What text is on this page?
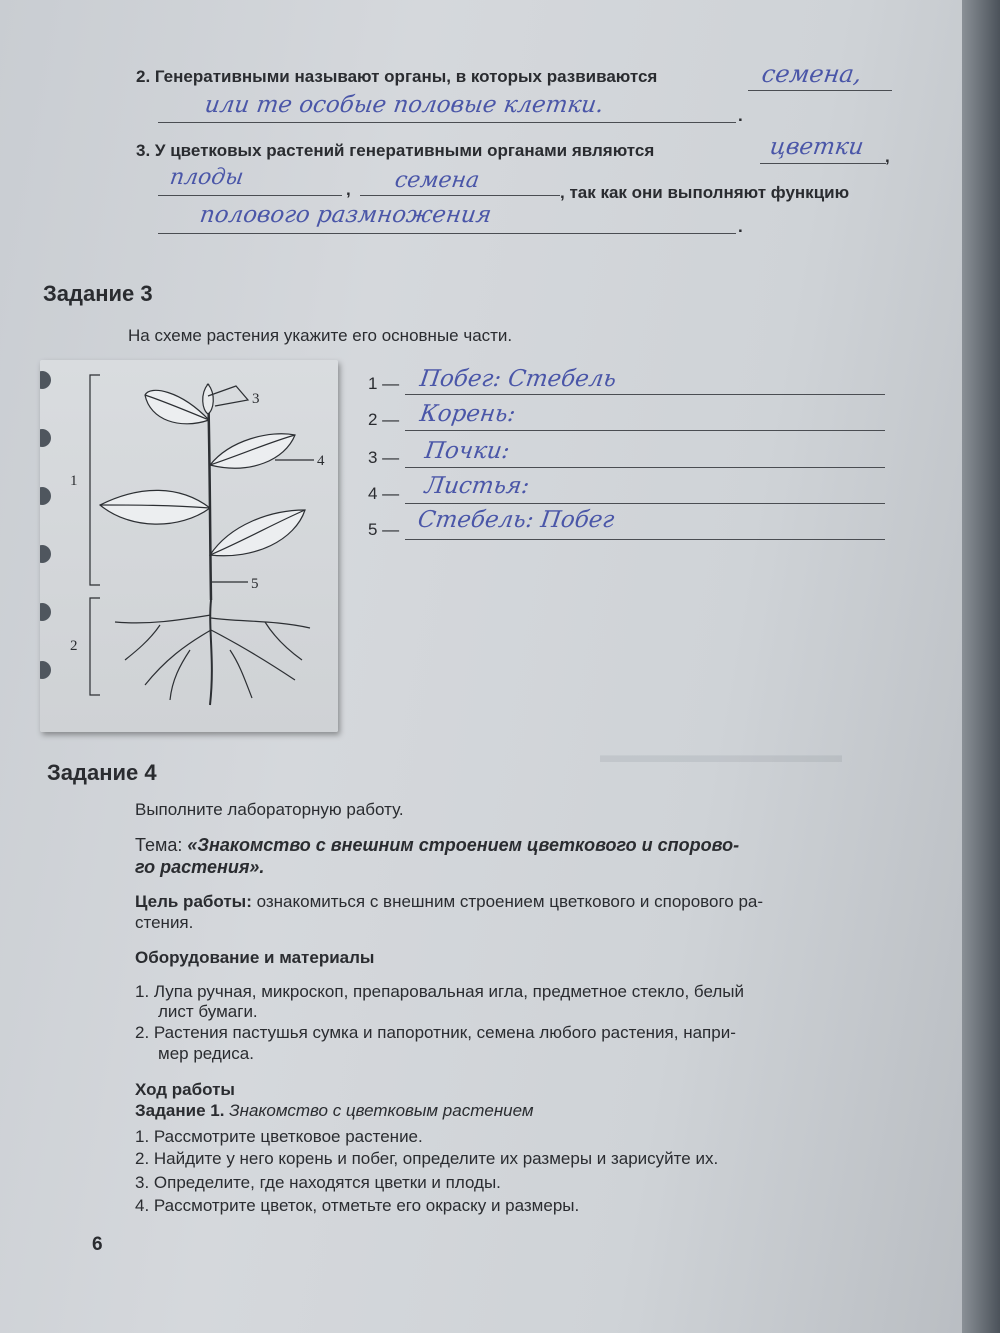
▬▬▬▬▬▬▬▬▬▬▬
2. Генеративными называют органы, в которых развиваются	семена,
.
или те особые половые клетки.
3. У цветковых растений генеративными органами являются	цветки ,
плоды	, семена	, так как они выполняют функцию
полового размножения	.
Задание 3
На схеме растения укажите его основные части.
1
2
3
4
5
1 — Побег: Стебель
2 — Корень:
3 — Почки:
4 — Листья:
5 — Стебель: Побег
Задание 4
Выполните лабораторную работу.
Тема: «Знакомство с внешним строением цветкового и спорово-
го растения».
Цель работы: ознакомиться с внешним строением цветкового и спорового ра-
стения.
Оборудование и материалы
1. Лупа ручная, микроскоп, препаровальная игла, предметное стекло, белый
лист бумаги.
2. Растения пастушья сумка и папоротник, семена любого растения, напри-
мер редиса.
Ход работы
Задание 1. Знакомство с цветковым растением
1. Рассмотрите цветковое растение.
2. Найдите у него корень и побег, определите их размеры и зарисуйте их.
3. Определите, где находятся цветки и плоды.
4. Рассмотрите цветок, отметьте его окраску и размеры.
6
